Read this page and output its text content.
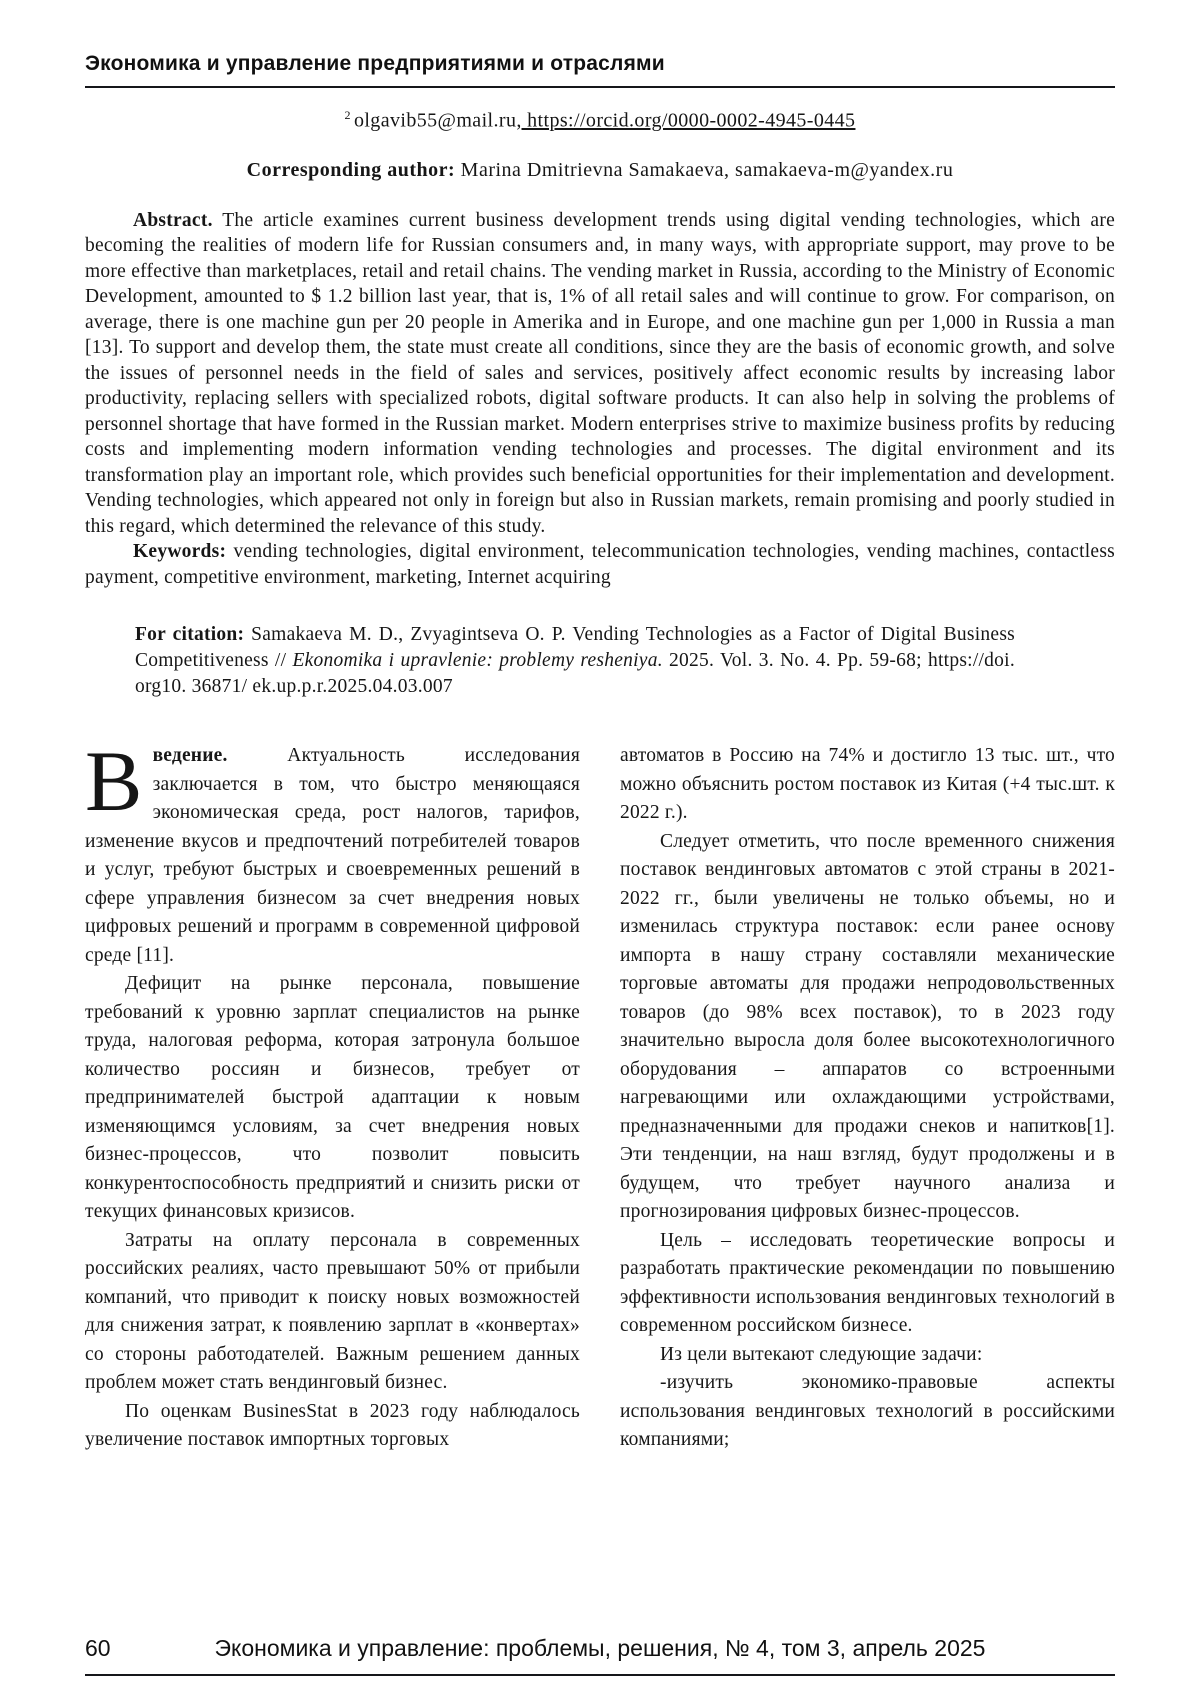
Экономика и управление предприятиями и отраслями
$^2$ olgavib55@mail.ru, https://orcid.org/0000-0002-4945-0445
Corresponding author: Marina Dmitrievna Samakaeva, samakaeva-m@yandex.ru

Abstract. The article examines current business development trends using digital vending technologies, which are becoming the realities of modern life for Russian consumers and, in many ways, with appropriate support, may prove to be more effective than marketplaces, retail and retail chains. The vending market in Russia, according to the Ministry of Economic Development, amounted to $ 1.2 billion last year, that is, 1% of all retail sales and will continue to grow. For comparison, on average, there is one machine gun per 20 people in Amerika and in Europe, and one machine gun per 1,000 in Russia a man [13]. To support and develop them, the state must create all conditions, since they are the basis of economic growth, and solve the issues of personnel needs in the field of sales and services, positively affect economic results by increasing labor productivity, replacing sellers with specialized robots, digital software products. It can also help in solving the problems of personnel shortage that have formed in the Russian market. Modern enterprises strive to maximize business profits by reducing costs and implementing modern information vending technologies and processes. The digital environment and its transformation play an important role, which provides such beneficial opportunities for their implementation and development. Vending technologies, which appeared not only in foreign but also in Russian markets, remain promising and poorly studied in this regard, which determined the relevance of this study.

Keywords: vending technologies, digital environment, telecommunication technologies, vending machines, contactless payment, competitive environment, marketing, Internet acquiring

For citation: Samakaeva M. D., Zvyagintseva O. P. Vending Technologies as a Factor of Digital Business Competitiveness // Ekonomika i upravlenie: problemy resheniya. 2025. Vol. 3. No. 4. Pp. 59-68; https://doi. org10. 36871/ ek.up.p.r.2025.04.03.007

Введение. Актуальность исследования заключается в том, что быстро меняющаяся экономическая среда, рост налогов, тарифов, изменение вкусов и предпочтений потребителей товаров и услуг, требуют быстрых и своевременных решений в сфере управления бизнесом за счет внедрения новых цифровых решений и программ в современной цифровой среде [11].

Дефицит на рынке персонала, повышение требований к уровню зарплат специалистов на рынке труда, налоговая реформа, которая затронула большое количество россиян и бизнесов, требует от предпринимателей быстрой адаптации к новым изменяющимся условиям, за счет внедрения новых бизнес-процессов, что позволит повысить конкурентоспособность предприятий и снизить риски от текущих финансовых кризисов.

Затраты на оплату персонала в современных российских реалиях, часто превышают 50% от прибыли компаний, что приводит к поиску новых возможностей для снижения затрат, к появлению зарплат в «конвертах» со стороны работодателей. Важным решением данных проблем может стать вендинговый бизнес.

По оценкам BusinesStat в 2023 году наблюдалось увеличение поставок импортных торговых

автоматов в Россию на 74% и достигло 13 тыс. шт., что можно объяснить ростом поставок из Китая (+4 тыс.шт. к 2022 г.).

Следует отметить, что после временного снижения поставок вендинговых автоматов с этой страны в 2021-2022 гг., были увеличены не только объемы, но и изменилась структура поставок: если ранее основу импорта в нашу страну составляли механические торговые автоматы для продажи непродовольственных товаров (до 98% всех поставок), то в 2023 году значительно выросла доля более высокотехнологичного оборудования – аппаратов со встроенными нагревающими или охлаждающими устройствами, предназначенными для продажи снеков и напитков[1]. Эти тенденции, на наш взгляд, будут продолжены и в будущем, что требует научного анализа и прогнозирования цифровых бизнес-процессов.

Цель – исследовать теоретические вопросы и разработать практические рекомендации по повышению эффективности использования вендинговых технологий в современном российском бизнесе.

Из цели вытекают следующие задачи:

-изучить экономико-правовые аспекты использования вендинговых технологий в российскими компаниями;

60	Экономика и управление: проблемы, решения, № 4, том 3, апрель 2025
